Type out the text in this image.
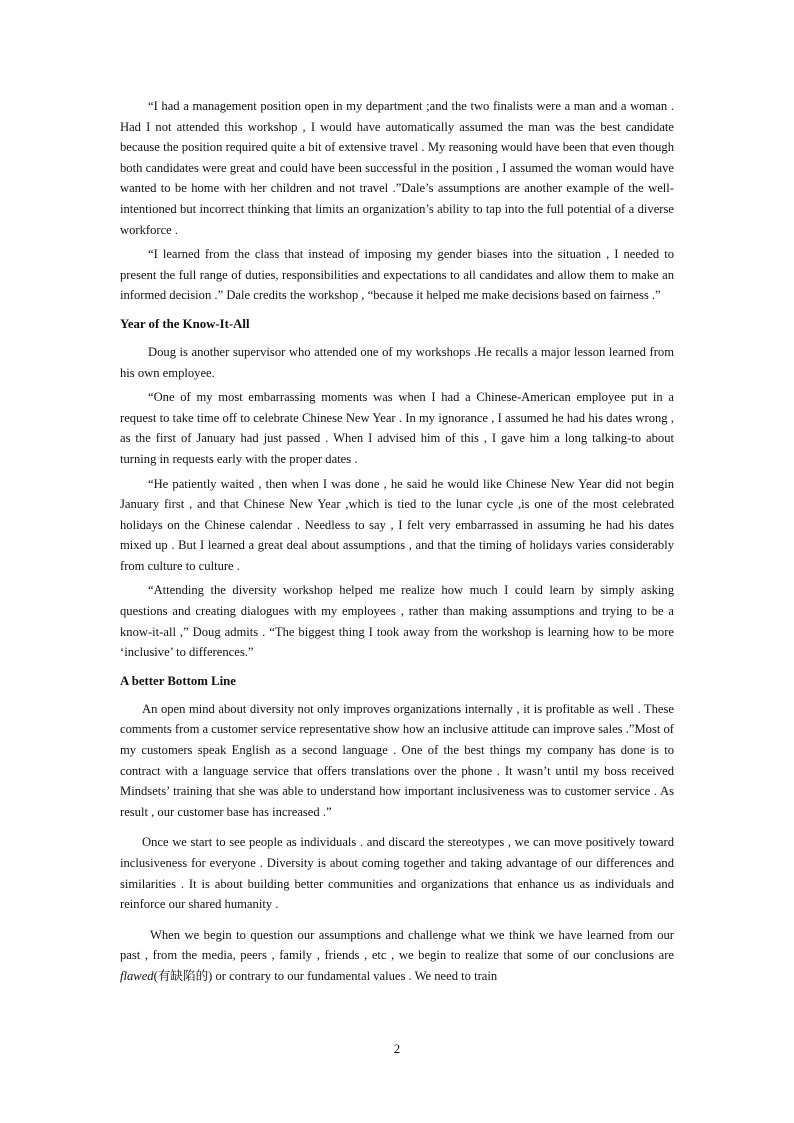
“I had a management position open in my department ;and the two finalists were a man and a woman . Had I not attended this workshop , I would have automatically assumed the man was the best candidate because the position required quite a bit of extensive travel . My reasoning would have been that even though both candidates were great and could have been successful in the position , I assumed the woman would have wanted to be home with her children and not travel .”Dale’s assumptions are another example of the well-intentioned but incorrect thinking that limits an organization’s ability to tap into the full potential of a diverse workforce .

“I learned from the class that instead of imposing my gender biases into the situation , I needed to present the full range of duties, responsibilities and expectations to all candidates and allow them to make an informed decision .” Dale credits the workshop , “because it helped me make decisions based on fairness .”

Year of the Know-It-All

Doug is another supervisor who attended one of my workshops .He recalls a major lesson learned from his own employee.

“One of my most embarrassing moments was when I had a Chinese-American employee put in a request to take time off to celebrate Chinese New Year . In my ignorance , I assumed he had his dates wrong , as the first of January had just passed . When I advised him of this , I gave him a long talking-to about turning in requests early with the proper dates .

“He patiently waited , then when I was done , he said he would like Chinese New Year did not begin January first , and that Chinese New Year ,which is tied to the lunar cycle ,is one of the most celebrated holidays on the Chinese calendar . Needless to say , I felt very embarrassed in assuming he had his dates mixed up . But I learned a great deal about assumptions , and that the timing of holidays varies considerably from culture to culture .

“Attending the diversity workshop helped me realize how much I could learn by simply asking questions and creating dialogues with my employees , rather than making assumptions and trying to be a know-it-all ,” Doug admits . “The biggest thing I took away from the workshop is learning how to be more ‘inclusive’ to differences.”

A better Bottom Line

An open mind about diversity not only improves organizations internally , it is profitable as well . These comments from a customer service representative show how an inclusive attitude can improve sales .”Most of my customers speak English as a second language . One of the best things my company has done is to contract with a language service that offers translations over the phone . It wasn’t until my boss received Mindsets’ training that she was able to understand how important inclusiveness was to customer service . As result , our customer base has increased .”

Once we start to see people as individuals . and discard the stereotypes , we can move positively toward inclusiveness for everyone . Diversity is about coming together and taking advantage of our differences and similarities . It is about building better communities and organizations that enhance us as individuals and reinforce our shared humanity .

When we begin to question our assumptions and challenge what we think we have learned from our past , from the media, peers , family , friends , etc , we begin to realize that some of our conclusions are flawed(有缺陷的) or contrary to our fundamental values . We need to train

2
